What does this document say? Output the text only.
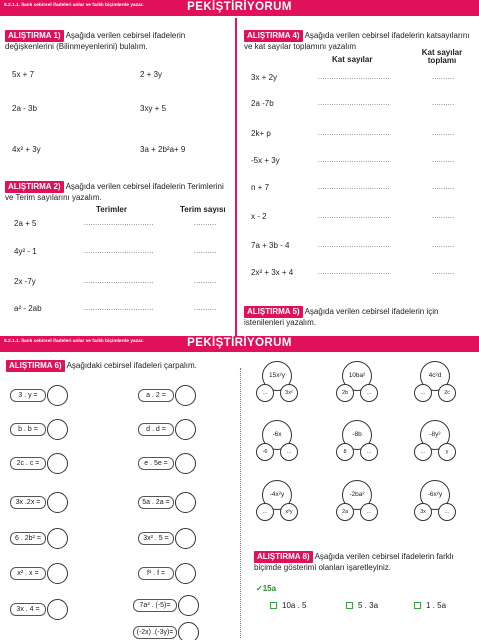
8.2.1.1. İlanlı cebirsel ifadeleri anlar ve farklı biçimlerde yazar.	PEKİŞTİRİYORUM
ALIŞTIRMA 1) Aşağıda verilen cebirsel ifadelerin değişkenlerini (Bilinmeyenlerini) bulalım.
5x + 7	2 + 3y
2a - 3b	3xy + 5
4x² + 3y	3a + 2b²a+ 9
ALIŞTIRMA 2) Aşağıda verilen cebirsel ifadelerin Terimlerini ve Terim sayılarını yazalım.
Terimler	Terim sayısı
2a + 5	...............................	..........
4y² - 1	...............................	..........
2x -7y	...............................	..........
a² - 2ab	...............................	..........
ALIŞTIRMA 4) Aşağıda verilen cebirsel ifadelerin katsayılarını ve kat sayılar toplamını yazalım
Kat sayılar
Kat sayılar toplamı
3x + 2y	................................	..........
2a -7b	................................	..........
2k+ p	................................	..........
-5x + 3y	................................	..........
n + 7	................................	..........
x - 2	................................	..........
7a + 3b - 4	................................	..........
2x² + 3x + 4	................................	..........
ALIŞTIRMA 5) Aşağıda verilen cebirsel ifadelerin için istenilenleri yazalım.
8.2.1.1. İlanlı cebirsel ifadeleri anlar ve farklı biçimlerde yazar.	PEKİŞTİRİYORUM
ALIŞTIRMA 6) Aşağıdaki cebirsel ifadeleri çarpalım.
3 . y =
b . b =
2c . c =
3x .2x =
6 . 2b² =
x² . x =
3x . 4 =
a . 2 =
d . d =
e . 5e =
5a . 2a =
3x² . 5 =
f³ . f =
7a² . (-5)=
(-2x) .(-3y)=
15x²y
...	3x²
10ba²
2b	...
4c²d
...	2c
-6x
-6	...
-8b
8	...
-8y²
...	y
-4x²y
...	x²y
-2ba²
2a	...
-6x²y
3x	...
ALIŞTIRMA 8) Aşağıda verilen cebirsel ifadelerin farklı biçimde gösterimi olanları işaretleyiniz.
✓15a
10a . 5	5 . 3a	1 . 5a
